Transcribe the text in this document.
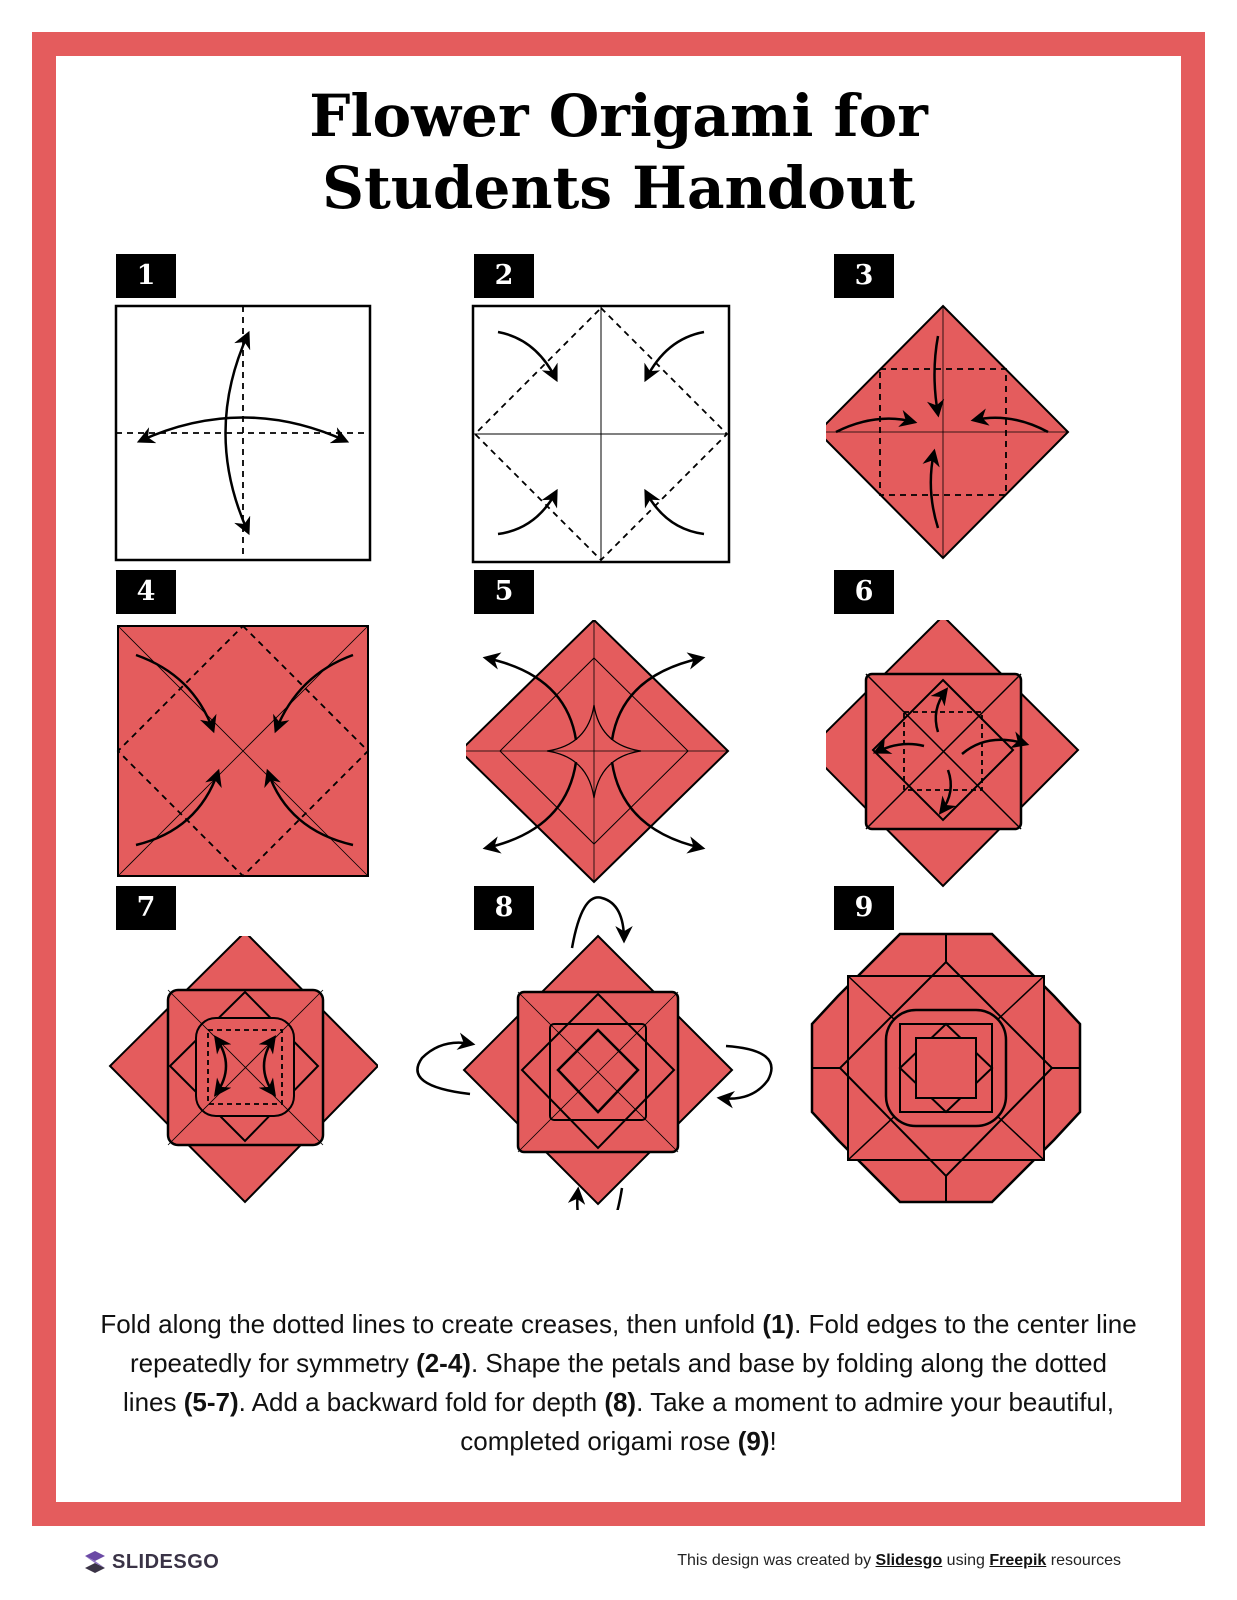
Flower Origami for
Students Handout
1	2	3
4	5	6
7	8	9

Fold along the dotted lines to create creases, then unfold (1). Fold edges to the center line repeatedly for symmetry (2-4). Shape the petals and base by folding along the dotted lines (5-7). Add a backward fold for depth (8). Take a moment to admire your beautiful, completed origami rose (9)!

SLIDESGO	This design was created by Slidesgo using Freepik resources
